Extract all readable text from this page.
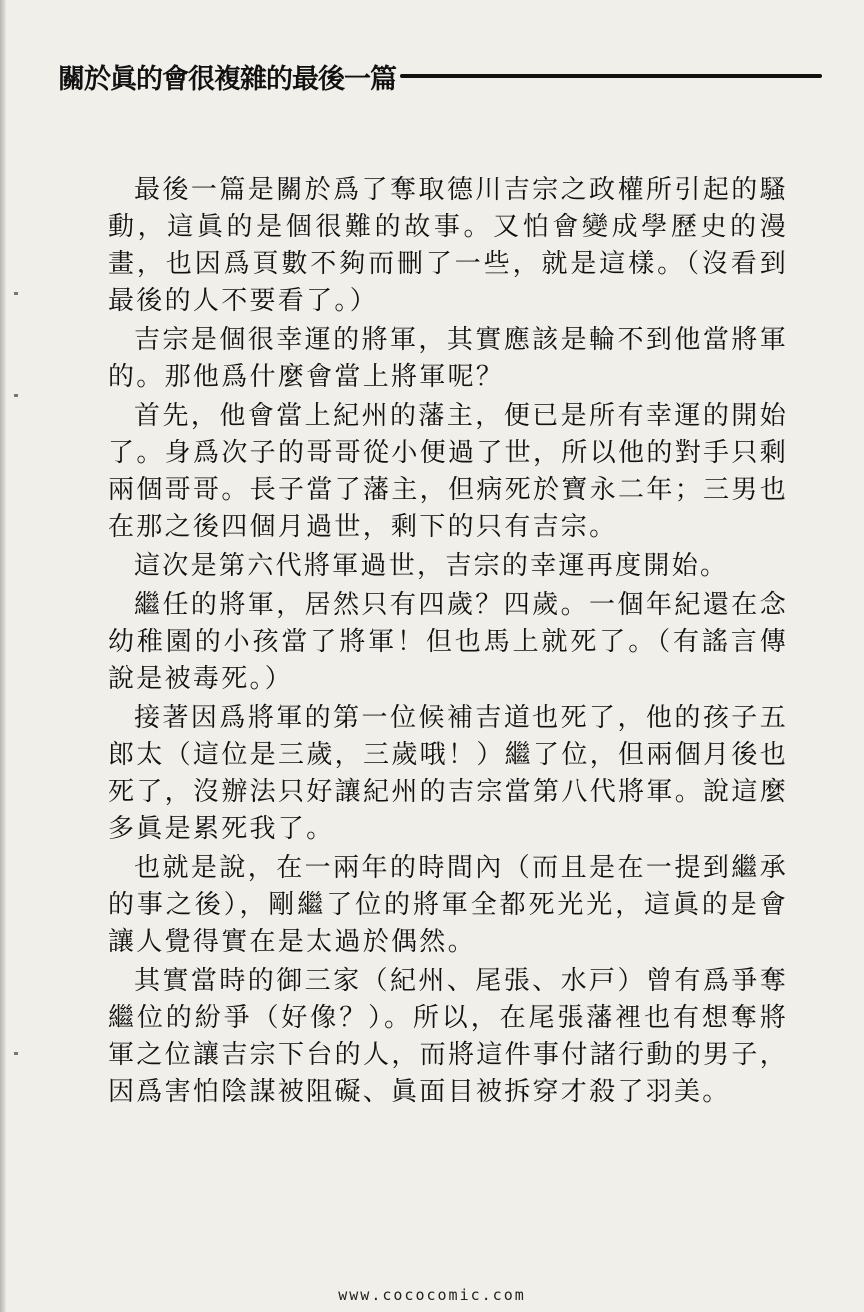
關於眞的會很複雜的最後一篇

最後一篇是關於爲了奪取德川吉宗之政權所引起的騷動，這眞的是個很難的故事。又怕會變成學歷史的漫畫，也因爲頁數不夠而刪了一些，就是這樣。（沒看到最後的人不要看了。）

吉宗是個很幸運的將軍，其實應該是輪不到他當將軍的。那他爲什麼會當上將軍呢？

首先，他會當上紀州的藩主，便已是所有幸運的開始了。身爲次子的哥哥從小便過了世，所以他的對手只剩兩個哥哥。長子當了藩主，但病死於寶永二年；三男也在那之後四個月過世，剩下的只有吉宗。

這次是第六代將軍過世，吉宗的幸運再度開始。

繼任的將軍，居然只有四歲？四歲。一個年紀還在念幼稚園的小孩當了將軍！但也馬上就死了。（有謠言傳說是被毒死。）

接著因爲將軍的第一位候補吉道也死了，他的孩子五郎太（這位是三歲，三歲哦！）繼了位，但兩個月後也死了，沒辦法只好讓紀州的吉宗當第八代將軍。說這麼多眞是累死我了。

也就是說，在一兩年的時間內（而且是在一提到繼承的事之後），剛繼了位的將軍全都死光光，這眞的是會讓人覺得實在是太過於偶然。

其實當時的御三家（紀州、尾張、水戸）曾有爲爭奪繼位的紛爭（好像？）。所以，在尾張藩裡也有想奪將軍之位讓吉宗下台的人，而將這件事付諸行動的男子，因爲害怕陰謀被阻礙、眞面目被拆穿才殺了羽美。

www.cococomic.com
